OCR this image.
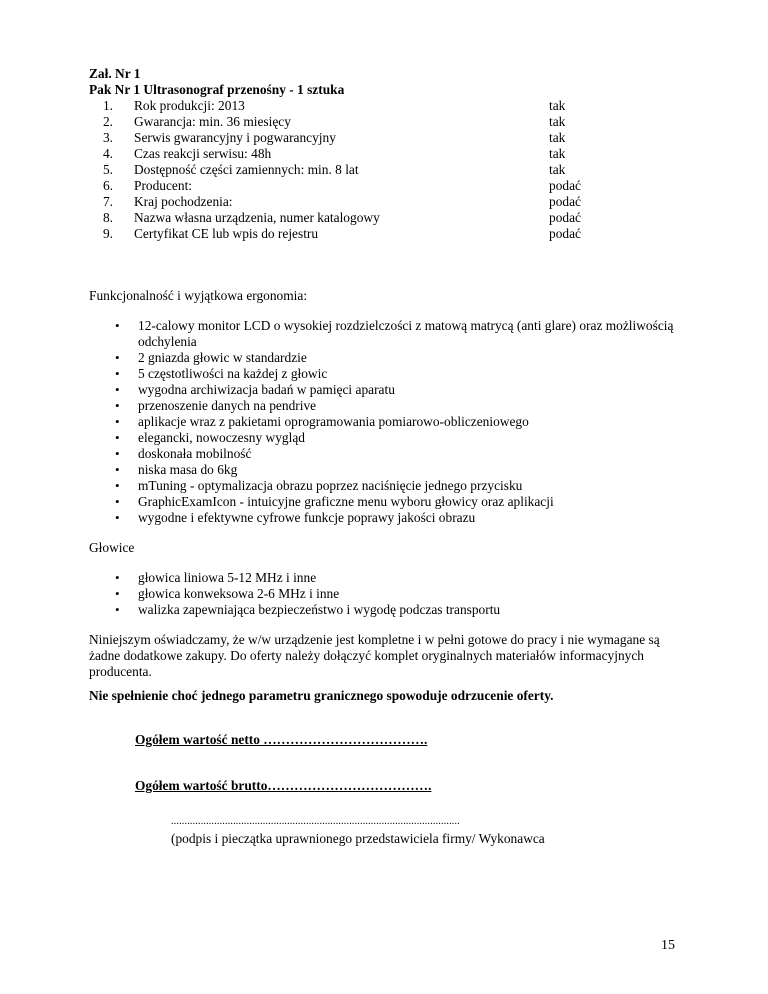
Zał. Nr 1
Pak Nr 1 Ultrasonograf przenośny - 1 sztuka
1. Rok produkcji: 2013	tak
2. Gwarancja: min. 36 miesięcy	tak
3. Serwis gwarancyjny i pogwarancyjny	tak
4. Czas reakcji serwisu: 48h	tak
5. Dostępność części zamiennych: min. 8 lat	tak
6. Producent:	podać
7. Kraj pochodzenia:	podać
8. Nazwa własna urządzenia, numer katalogowy	podać
9. Certyfikat CE lub wpis do rejestru	podać
Funkcjonalność i wyjątkowa ergonomia:
• 12-calowy monitor LCD o wysokiej rozdzielczości z matową matrycą (anti glare) oraz możliwością odchylenia
• 2 gniazda głowic w standardzie
• 5 częstotliwości na każdej z głowic
• wygodna archiwizacja badań w pamięci aparatu
• przenoszenie danych na pendrive
• aplikacje wraz z pakietami oprogramowania pomiarowo-obliczeniowego
• elegancki, nowoczesny wygląd
• doskonała mobilność
• niska masa do 6kg
• mTuning - optymalizacja obrazu poprzez naciśnięcie jednego przycisku
• GraphicExamIcon - intuicyjne graficzne menu wyboru głowicy oraz aplikacji
• wygodne i efektywne cyfrowe funkcje poprawy jakości obrazu
Głowice
• głowica liniowa 5-12 MHz i inne
• głowica konweksowa 2-6 MHz i inne
• walizka zapewniająca bezpieczeństwo i wygodę podczas transportu

Niniejszym oświadczamy, że w/w urządzenie jest kompletne i w pełni gotowe do pracy i nie wymagane są żadne dodatkowe zakupy. Do oferty należy dołączyć komplet oryginalnych materiałów informacyjnych producenta.

Nie spełnienie choć jednego parametru granicznego spowoduje odrzucenie oferty.

Ogółem wartość netto ……………………………….
Ogółem wartość brutto……………………………….
...........................................................................................................
(podpis i pieczątka uprawnionego przedstawiciela firmy/ Wykonawca
15
